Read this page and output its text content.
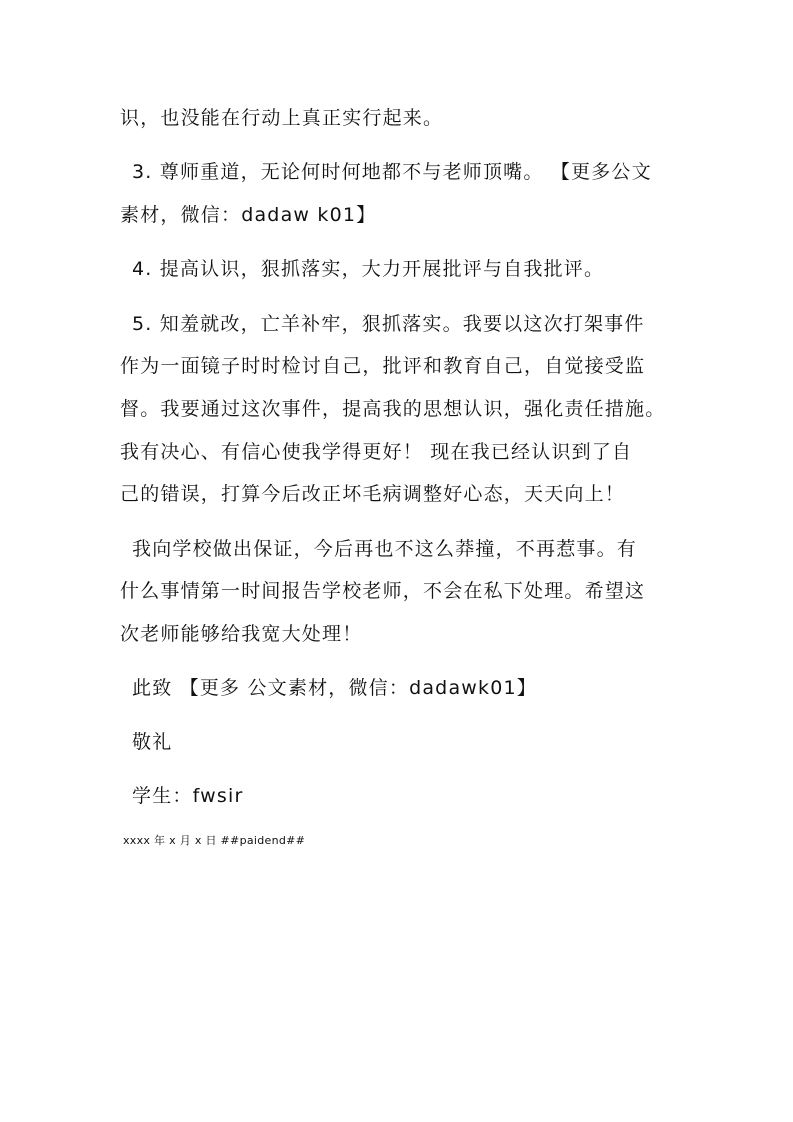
识，也没能在行动上真正实行起来。
3. 尊师重道，无论何时何地都不与老师顶嘴。 【更多公文
素材，微信：dadaw k01】
4. 提高认识，狠抓落实，大力开展批评与自我批评。
5. 知羞就改，亡羊补牢，狠抓落实。我要以这次打架事件
作为一面镜子时时检讨自己，批评和教育自己，自觉接受监
督。我要通过这次事件，提高我的思想认识，强化责任措施。
我有决心、有信心使我学得更好！ 现在我已经认识到了自
己的错误，打算今后改正坏毛病调整好心态，天天向上！
我向学校做出保证，今后再也不这么莽撞，不再惹事。有
什么事情第一时间报告学校老师，不会在私下处理。希望这
次老师能够给我宽大处理！
此致 【更多 公文素材，微信：dadawk01】
敬礼
学生：fwsir
xxxx 年 x 月 x 日 ##paidend##
